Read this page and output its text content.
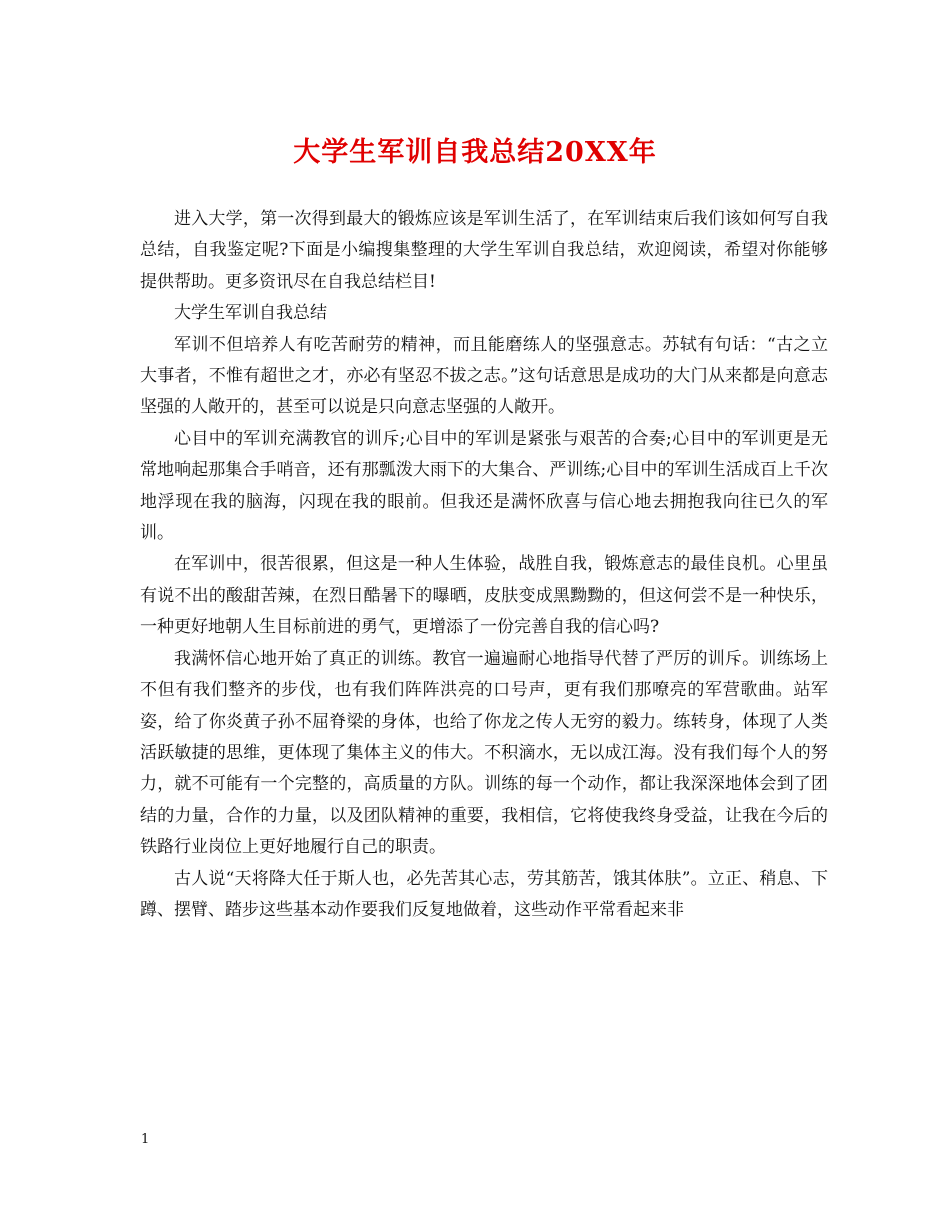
大学生军训自我总结20XX年

进入大学，第一次得到最大的锻炼应该是军训生活了，在军训结束后我们该如何写自我总结，自我鉴定呢?下面是小编搜集整理的大学生军训自我总结，欢迎阅读，希望对你能够提供帮助。更多资讯尽在自我总结栏目!

大学生军训自我总结

军训不但培养人有吃苦耐劳的精神，而且能磨练人的坚强意志。苏轼有句话：“古之立大事者，不惟有超世之才，亦必有坚忍不拔之志。”这句话意思是成功的大门从来都是向意志坚强的人敞开的，甚至可以说是只向意志坚强的人敞开。

心目中的军训充满教官的训斥;心目中的军训是紧张与艰苦的合奏;心目中的军训更是无常地响起那集合手哨音，还有那瓢泼大雨下的大集合、严训练;心目中的军训生活成百上千次地浮现在我的脑海，闪现在我的眼前。但我还是满怀欣喜与信心地去拥抱我向往已久的军训。

在军训中，很苦很累，但这是一种人生体验，战胜自我，锻炼意志的最佳良机。心里虽有说不出的酸甜苦辣，在烈日酷暑下的曝晒，皮肤变成黑黝黝的，但这何尝不是一种快乐，一种更好地朝人生目标前进的勇气，更增添了一份完善自我的信心吗?

我满怀信心地开始了真正的训练。教官一遍遍耐心地指导代替了严厉的训斥。训练场上不但有我们整齐的步伐，也有我们阵阵洪亮的口号声，更有我们那嘹亮的军营歌曲。站军姿，给了你炎黄子孙不屈脊梁的身体，也给了你龙之传人无穷的毅力。练转身，体现了人类活跃敏捷的思维，更体现了集体主义的伟大。不积滴水，无以成江海。没有我们每个人的努力，就不可能有一个完整的，高质量的方队。训练的每一个动作，都让我深深地体会到了团结的力量，合作的力量，以及团队精神的重要，我相信，它将使我终身受益，让我在今后的铁路行业岗位上更好地履行自己的职责。

古人说“天将降大任于斯人也，必先苦其心志，劳其筋苦，饿其体肤”。立正、稍息、下蹲、摆臂、踏步这些基本动作要我们反复地做着，这些动作平常看起来非

1
